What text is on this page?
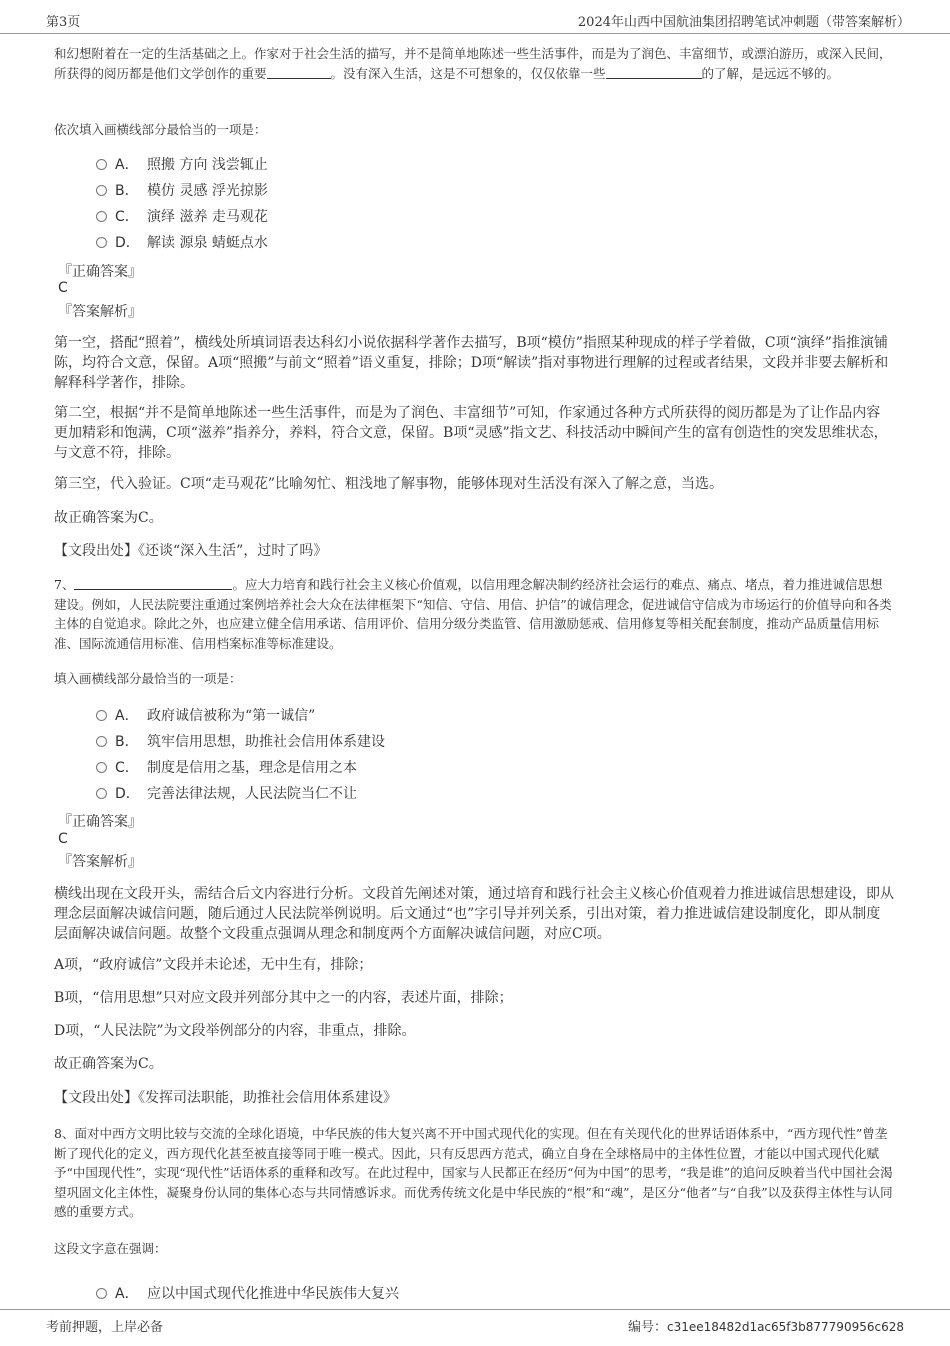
第3页	2024年山西中国航油集团招聘笔试冲刺题（带答案解析）
和幻想附着在一定的生活基础之上。作家对于社会生活的描写，并不是简单地陈述一些生活事件，而是为了润色、丰富细节，或漂泊游历，或深入民间，所获得的阅历都是他们文学创作的重要	。没有深入生活，这是不可想象的，仅仅依靠一些	的了解，是远远不够的。
依次填入画横线部分最恰当的一项是：
A． 照搬 方向 浅尝辄止
B． 模仿 灵感 浮光掠影
C． 演绎 滋养 走马观花
D． 解读 源泉 蜻蜓点水
『正确答案』
C
『答案解析』
第一空，搭配“照着”，横线处所填词语表达科幻小说依据科学著作去描写，B项“模仿”指照某种现成的样子学着做，C项“演绎”指推演铺陈，均符合文意，保留。A项“照搬”与前文“照着”语义重复，排除；D项“解读”指对事物进行理解的过程或者结果，文段并非要去解析和解释科学著作，排除。
第二空，根据“并不是简单地陈述一些生活事件，而是为了润色、丰富细节”可知，作家通过各种方式所获得的阅历都是为了让作品内容更加精彩和饱满，C项“滋养”指养分，养料，符合文意，保留。B项“灵感”指文艺、科技活动中瞬间产生的富有创造性的突发思维状态，与文意不符，排除。
第三空，代入验证。C项“走马观花”比喻匆忙、粗浅地了解事物，能够体现对生活没有深入了解之意，当选。
故正确答案为C。
【文段出处】《还谈“深入生活”，过时了吗》
7、	。应大力培育和践行社会主义核心价值观，以信用理念解决制约经济社会运行的难点、痛点、堵点，着力推进诚信思想建设。例如，人民法院要注重通过案例培养社会大众在法律框架下“知信、守信、用信、护信”的诚信理念，促进诚信守信成为市场运行的价值导向和各类主体的自觉追求。除此之外，也应建立健全信用承诺、信用评价、信用分级分类监管、信用激励惩戒、信用修复等相关配套制度，推动产品质量信用标准、国际流通信用标准、信用档案标准等标准建设。
填入画横线部分最恰当的一项是：
A． 政府诚信被称为“第一诚信”
B． 筑牢信用思想，助推社会信用体系建设
C． 制度是信用之基，理念是信用之本
D． 完善法律法规，人民法院当仁不让
『正确答案』
C
『答案解析』
横线出现在文段开头，需结合后文内容进行分析。文段首先阐述对策，通过培育和践行社会主义核心价值观着力推进诚信思想建设，即从理念层面解决诚信问题，随后通过人民法院举例说明。后文通过“也”字引导并列关系，引出对策，着力推进诚信建设制度化，即从制度层面解决诚信问题。故整个文段重点强调从理念和制度两个方面解决诚信问题，对应C项。
A项，“政府诚信”文段并未论述，无中生有，排除；
B项，“信用思想”只对应文段并列部分其中之一的内容，表述片面，排除；
D项，“人民法院”为文段举例部分的内容，非重点，排除。
故正确答案为C。
【文段出处】《发挥司法职能，助推社会信用体系建设》
8、面对中西方文明比较与交流的全球化语境，中华民族的伟大复兴离不开中国式现代化的实现。但在有关现代化的世界话语体系中，“西方现代性”曾垄断了现代化的定义，西方现代化甚至被直接等同于唯一模式。因此，只有反思西方范式，确立自身在全球格局中的主体性位置，才能以中国式现代化赋予“中国现代性”，实现“现代性”话语体系的重释和改写。在此过程中，国家与人民都正在经历“何为中国”的思考，“我是谁”的追问反映着当代中国社会渴望巩固文化主体性，凝聚身份认同的集体心态与共同情感诉求。而优秀传统文化是中华民族的“根”和“魂”，是区分“他者”与“自我”以及获得主体性与认同感的重要方式。
这段文字意在强调：
A． 应以中国式现代化推进中华民族伟大复兴
考前押题，上岸必备	编号：c31ee18482d1ac65f3b877790956c628
